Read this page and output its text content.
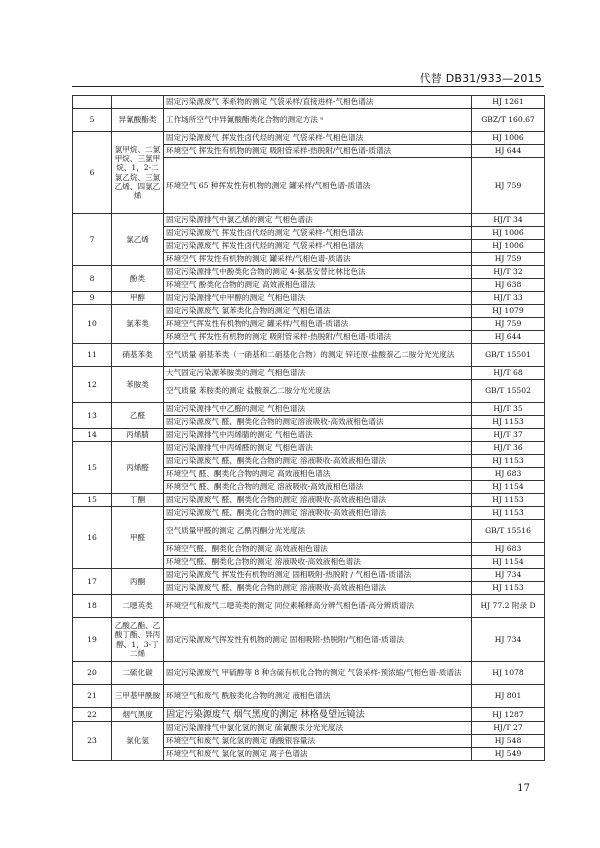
代替 DB31/933—2015
		固定污染源废气 苯系物的测定 气袋采样/直接进样-气相色谱法	HJ 1261
5	异氰酸酯类	工作场所空气中异氰酸酯类化合物的测定方法 ᵃ	GBZ/T 160.67
6	氯甲烷、二氯甲烷、三氯甲烷、1，2-二氯乙烷、三氯乙烯、四氯乙烯	固定污染源废气 挥发性卤代烃的测定 气袋采样-气相色谱法	HJ 1006
		环境空气 挥发性有机物的测定 吸附管采样-热脱附/气相色谱-质谱法	HJ 644
		环境空气 65 种挥发性有机物的测定 罐采样/气相色谱-质谱法	HJ 759
7	氯乙烯	固定污染源排气中氯乙烯的测定 气相色谱法	HJ/T 34
		固定污染源废气 挥发性卤代烃的测定 气袋采样-气相色谱法	HJ 1006
		固定污染源废气 挥发性卤代烃的测定 气袋采样-气相色谱法	HJ 1006
		环境空气 挥发性有机物的测定 罐采样/气相色谱-质谱法	HJ 759
8	酚类	固定污染源排气中酚类化合物的测定 4-氨基安替比林比色法	HJ/T 32
		环境空气 酚类化合物的测定 高效液相色谱法	HJ 638
9	甲醇	固定污染源排气中甲醇的测定 气相色谱法	HJ/T 33
10	氯苯类	固定污染源废气 氯苯类化合物的测定 气相色谱法	HJ 1079
		环境空气挥发性有机物的测定 罐采样/气相色谱-质谱法	HJ 759
		环境空气 挥发性有机物的测定 吸附管采样-热脱附/气相色谱-质谱法	HJ 644
11	硝基苯类	空气质量 硝基苯类（一硝基和二硝基化合物）的测定 锌还原-盐酸萘乙二胺分光光度法	GB/T 15501
12	苯胺类	大气固定污染源苯胺类的测定 气相色谱法	HJ/T 68
		空气质量 苯胺类的测定 盐酸萘乙二胺分光光度法	GB/T 15502
13	乙醛	固定污染源排气中乙醛的测定 气相色谱法	HJ/T 35
		固定污染源废气 醛、酮类化合物的测定溶液吸收-高效液相色谱法	HJ 1153
14	丙烯腈	固定污染源排气中丙烯腈的测定 气相色谱法	HJ/T 37
15	丙烯醛	固定污染源排气中丙烯醛的测定 气相色谱法	HJ/T 36
		固定污染源废气 醛、酮类化合物的测定 溶液吸收-高效液相色谱法	HJ 1153
		环境空气 醛、酮类化合物的测定 高效液相色谱法	HJ 683
		环境空气 醛、酮类化合物的测定 溶液吸收-高效液相色谱法	HJ 1154
15	丁酮	固定污染源废气 醛、酮类化合物的测定 溶液吸收-高效液相色谱法	HJ 1153
16	甲醛	固定污染源废气 醛、酮类化合物的测定 溶液吸收-高效液相色谱法	HJ 1153
		空气质量甲醛的测定 乙酰丙酮分光光度法	GB/T 15516
		环境空气醛、酮类化合物的测定 高效液相色谱法	HJ 683
		环境空气醛、酮类化合物的测定 溶液吸收-高效液相色谱法	HJ 1154
17	丙酮	固定污染源废气 挥发性有机物的测定 固相吸附-热脱附 / 气相色谱-质谱法	HJ 734
		固定污染源废气 醛、酮类化合物的测定 溶液吸收-高效液相色谱法	HJ 1153
18	二噁英类	环境空气和废气二噁英类的测定 同位素稀释高分辨气相色谱-高分辨质谱法	HJ 77.2 附录 D
19	乙酸乙酯、乙酸丁酯、异丙醇、1，3-丁二烯	固定污染源废气挥发性有机物的测定 固相吸附-热脱附/气相色谱-质谱法	HJ 734
20	二硫化碳	固定污染源废气 甲硫醇等 8 种含硫有机化合物的测定 气袋采样-预浓缩/气相色谱-质谱法	HJ 1078
21	三甲基甲酰胺	环境空气和废气 酰胺类化合物的测定 液相色谱法	HJ 801
22	烟气黑度	固定污染源废气 烟气黑度的测定 林格曼望远镜法	HJ 1287
23	氯化氢	固定污染源排气中氯化氢的测定 硫氰酸汞分光光度法	HJ/T 27
		环境空气和废气 氯化氢的测定 硝酸银容量法	HJ 548
		环境空气和废气 氯化氢的测定 离子色谱法	HJ 549
17
